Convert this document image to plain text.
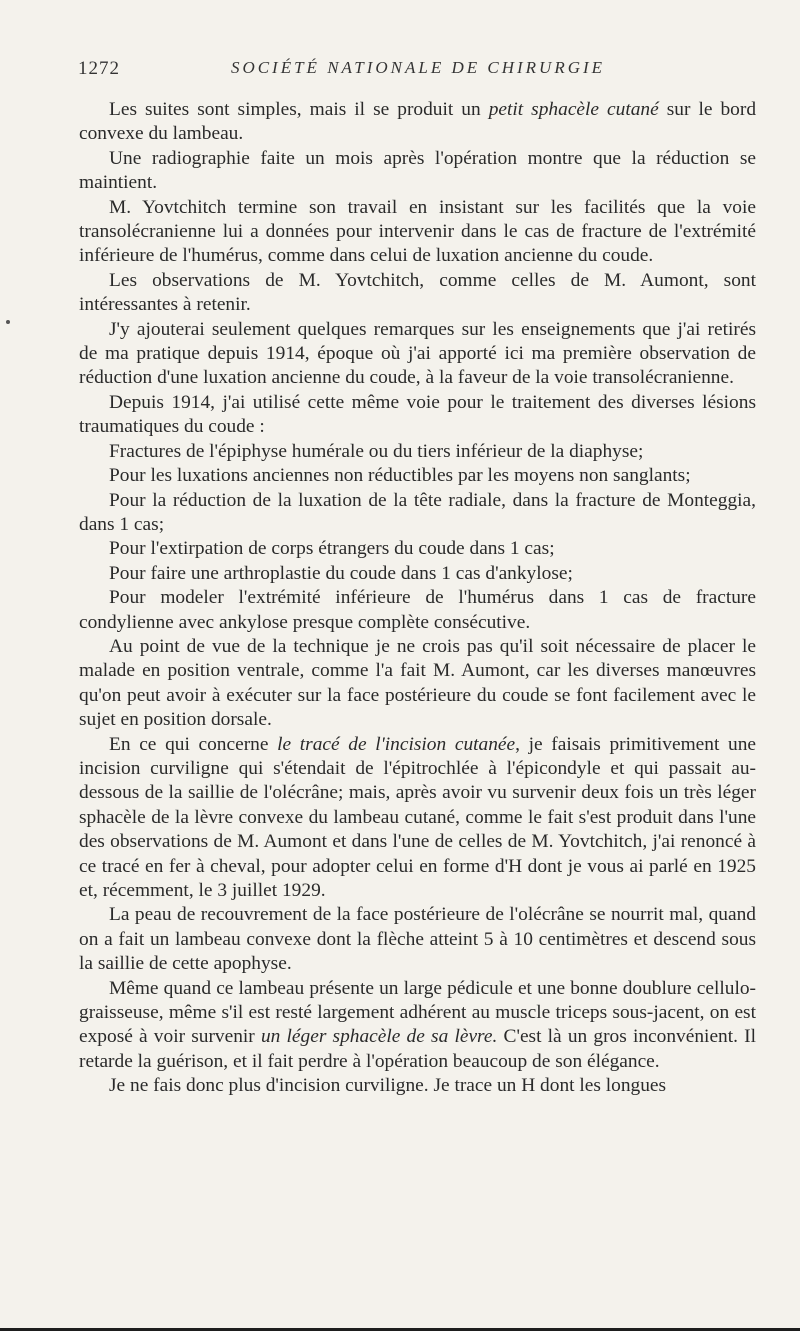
1272	SOCIÉTÉ NATIONALE DE CHIRURGIE

Les suites sont simples, mais il se produit un petit sphacèle cutané sur le bord convexe du lambeau.

Une radiographie faite un mois après l'opération montre que la réduction se maintient.

M. Yovtchitch termine son travail en insistant sur les facilités que la voie transolécranienne lui a données pour intervenir dans le cas de fracture de l'extrémité inférieure de l'humérus, comme dans celui de luxation ancienne du coude.

Les observations de M. Yovtchitch, comme celles de M. Aumont, sont intéressantes à retenir.

J'y ajouterai seulement quelques remarques sur les enseignements que j'ai retirés de ma pratique depuis 1914, époque où j'ai apporté ici ma première observation de réduction d'une luxation ancienne du coude, à la faveur de la voie transolécranienne.

Depuis 1914, j'ai utilisé cette même voie pour le traitement des diverses lésions traumatiques du coude :

Fractures de l'épiphyse humérale ou du tiers inférieur de la diaphyse;

Pour les luxations anciennes non réductibles par les moyens non sanglants;

Pour la réduction de la luxation de la tête radiale, dans la fracture de Monteggia, dans 1 cas;

Pour l'extirpation de corps étrangers du coude dans 1 cas;

Pour faire une arthroplastie du coude dans 1 cas d'ankylose;

Pour modeler l'extrémité inférieure de l'humérus dans 1 cas de fracture condylienne avec ankylose presque complète consécutive.

Au point de vue de la technique je ne crois pas qu'il soit nécessaire de placer le malade en position ventrale, comme l'a fait M. Aumont, car les diverses manœuvres qu'on peut avoir à exécuter sur la face postérieure du coude se font facilement avec le sujet en position dorsale.

En ce qui concerne le tracé de l'incision cutanée, je faisais primitivement une incision curviligne qui s'étendait de l'épitrochlée à l'épicondyle et qui passait au-dessous de la saillie de l'olécrâne; mais, après avoir vu survenir deux fois un très léger sphacèle de la lèvre convexe du lambeau cutané, comme le fait s'est produit dans l'une des observations de M. Aumont et dans l'une de celles de M. Yovtchitch, j'ai renoncé à ce tracé en fer à cheval, pour adopter celui en forme d'H dont je vous ai parlé en 1925 et, récemment, le 3 juillet 1929.

La peau de recouvrement de la face postérieure de l'olécrâne se nourrit mal, quand on a fait un lambeau convexe dont la flèche atteint 5 à 10 centimètres et descend sous la saillie de cette apophyse.

Même quand ce lambeau présente un large pédicule et une bonne doublure cellulo-graisseuse, même s'il est resté largement adhérent au muscle triceps sous-jacent, on est exposé à voir survenir un léger sphacèle de sa lèvre. C'est là un gros inconvénient. Il retarde la guérison, et il fait perdre à l'opération beaucoup de son élégance.

Je ne fais donc plus d'incision curviligne. Je trace un H dont les longues
